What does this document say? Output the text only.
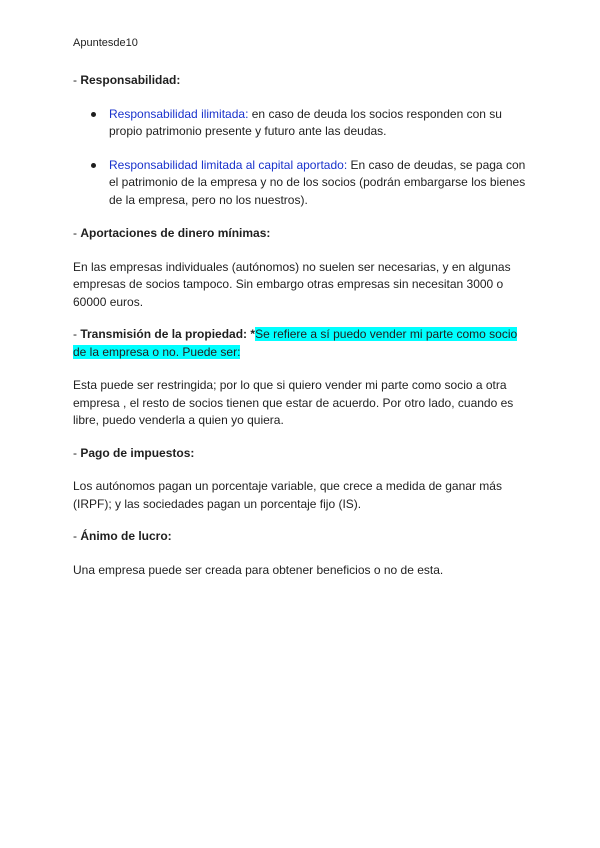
Apuntesde10
- Responsabilidad:
Responsabilidad ilimitada: en caso de deuda los socios responden con su propio patrimonio presente y futuro ante las deudas.
Responsabilidad limitada al capital aportado: En caso de deudas, se paga con el patrimonio de la empresa y no de los socios (podrán embargarse los bienes de la empresa, pero no los nuestros).
- Aportaciones de dinero mínimas:

En las empresas individuales (autónomos) no suelen ser necesarias, y en algunas empresas de socios tampoco. Sin embargo otras empresas sin necesitan 3000 o 60000 euros.

- Transmisión de la propiedad: *Se refiere a sí puedo vender mi parte como socio de la empresa o no. Puede ser:

Esta puede ser restringida; por lo que si quiero vender mi parte como socio a otra empresa , el resto de socios tienen que estar de acuerdo. Por otro lado, cuando es libre, puedo venderla a quien yo quiera.

- Pago de impuestos:

Los autónomos pagan un porcentaje variable, que crece a medida de ganar más (IRPF); y las sociedades pagan un porcentaje fijo (IS).

- Ánimo de lucro:

Una empresa puede ser creada para obtener beneficios o no de esta.
